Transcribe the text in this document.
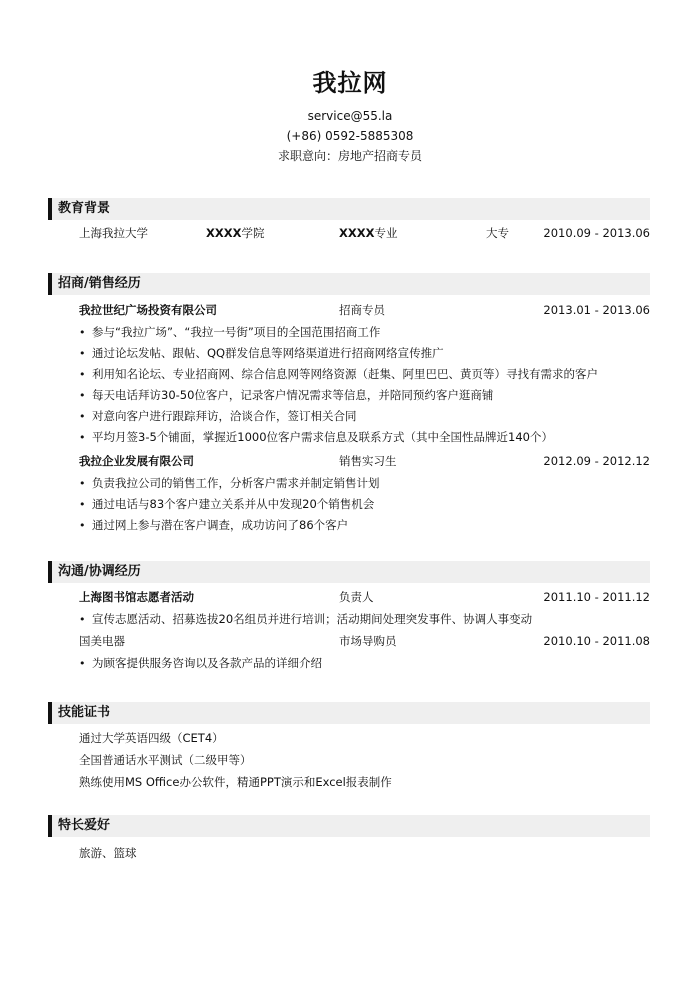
我拉网
service@55.la
(+86) 0592-5885308
求职意向：房地产招商专员
教育背景
上海我拉大学	XXXX学院	XXXX专业	大专	2010.09 - 2013.06
招商/销售经历
我拉世纪广场投资有限公司	招商专员	2013.01 - 2013.06
• 参与“我拉广场”、“我拉一号街”项目的全国范围招商工作
• 通过论坛发帖、跟帖、QQ群发信息等网络渠道进行招商网络宣传推广
• 利用知名论坛、专业招商网、综合信息网等网络资源（赶集、阿里巴巴、黄页等）寻找有需求的客户
• 每天电话拜访30-50位客户，记录客户情况需求等信息，并陪同预约客户逛商铺
• 对意向客户进行跟踪拜访，洽谈合作，签订相关合同
• 平均月签3-5个铺面，掌握近1000位客户需求信息及联系方式（其中全国性品牌近140个）
我拉企业发展有限公司	销售实习生	2012.09 - 2012.12
• 负责我拉公司的销售工作，分析客户需求并制定销售计划
• 通过电话与83个客户建立关系并从中发现20个销售机会
• 通过网上参与潜在客户调查，成功访问了86个客户
沟通/协调经历
上海图书馆志愿者活动	负责人	2011.10 - 2011.12
• 宣传志愿活动、招募选拔20名组员并进行培训；活动期间处理突发事件、协调人事变动
国美电器	市场导购员	2010.10 - 2011.08
• 为顾客提供服务咨询以及各款产品的详细介绍
技能证书
通过大学英语四级（CET4）
全国普通话水平测试（二级甲等）
熟练使用MS Office办公软件，精通PPT演示和Excel报表制作
特长爱好
旅游、篮球
